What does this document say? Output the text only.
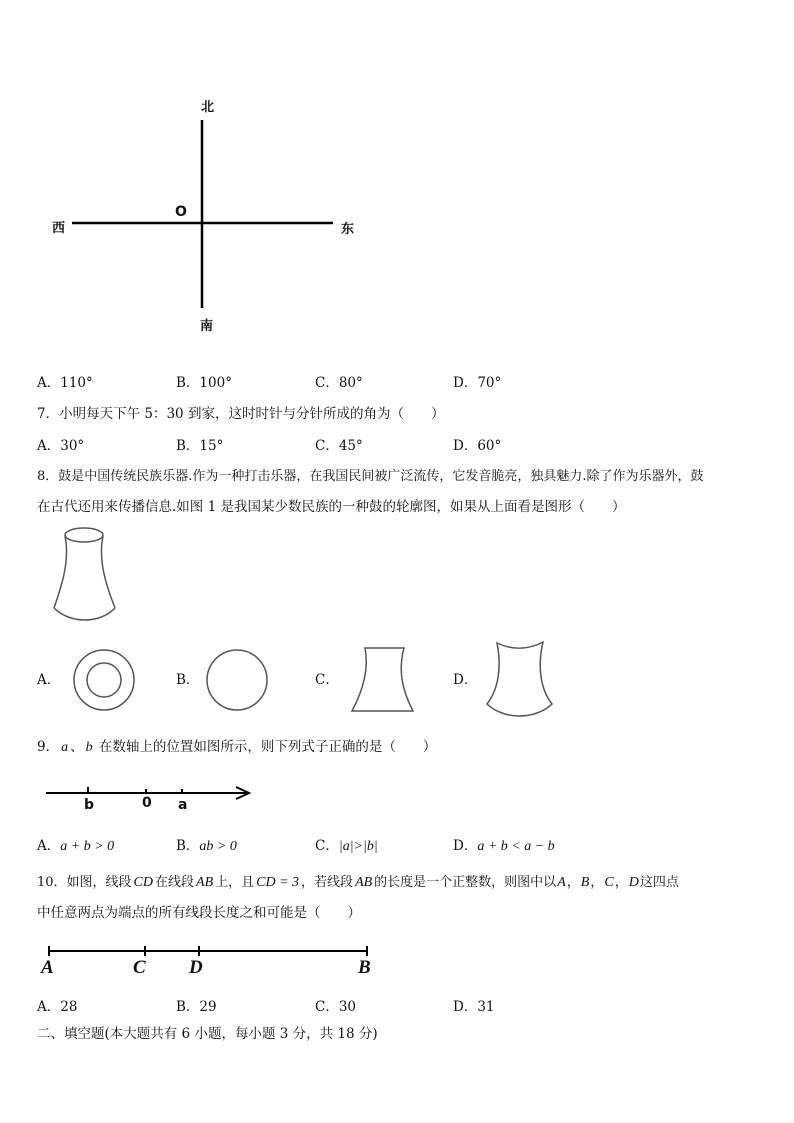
北
南
东
西
O
A．110°	B．100°	C．80°	D．70°
7．小明每天下午 5：30 到家，这时时针与分针所成的角为（　　）
A．30°	B．15°	C．45°	D．60°
8．鼓是中国传统民族乐器.作为一种打击乐器，在我国民间被广泛流传，它发音脆亮，独具魅力.除了作为乐器外，鼓
在古代还用来传播信息.如图 1 是我国某少数民族的一种鼓的轮廓图，如果从上面看是图形（　　）
A．	B．	C．	D．
9． a 、 b 在数轴上的位置如图所示，则下列式子正确的是（　　）
b	0 a
A．a + b > 0	B．ab > 0	C．|a|>|b|	D．a + b < a − b
10．如图，线段 CD 在线段 AB 上，且 CD = 3 ，若线段 AB 的长度是一个正整数，则图中以A，B，C，D这四点
中任意两点为端点的所有线段长度之和可能是（　　）
A	C D	B
A．28	B．29	C．30	D．31
二、填空题(本大题共有 6 小题，每小题 3 分，共 18 分)
